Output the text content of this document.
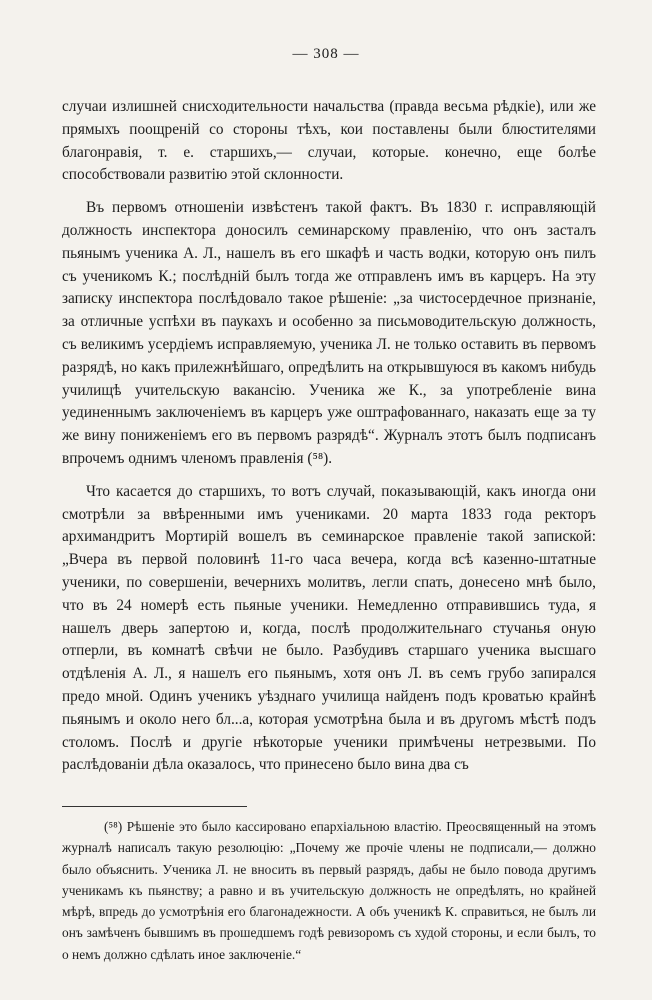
— 308 —

случаи излишней снисходительности начальства (правда весьма рѣдкіе), или же прямыхъ поощреній со стороны тѣхъ, кои поставлены были блюстителями благонравія, т. е. старшихъ,— случаи, которые. конечно, еще болѣе способствовали развитію этой склонности.

Въ первомъ отношеніи извѣстенъ такой фактъ. Въ 1830 г. исправляющій должность инспектора доносилъ семинарскому правленію, что онъ засталъ пьянымъ ученика А. Л., нашелъ въ его шкафѣ и часть водки, которую онъ пилъ съ ученикомъ К.; послѣдній былъ тогда же отправленъ имъ въ карцеръ. На эту записку инспектора послѣдовало такое рѣшеніе: „за чистосердечное признаніе, за отличные успѣхи въ паукахъ и особенно за письмоводительскую должность, съ великимъ усердіемъ исправляемую, ученика Л. не только оставить въ первомъ разрядѣ, но какъ прилежнѣйшаго, опредѣлить на открывшуюся въ какомъ нибудь училищѣ учительскую вакансію. Ученика же К., за употребленіе вина уединеннымъ заключеніемъ въ карцеръ уже оштрафованнаго, наказать еще за ту же вину пониженіемъ его въ первомъ разрядѣ“. Журналъ этотъ былъ подписанъ впрочемъ однимъ членомъ правленія (⁵⁸).

Что касается до старшихъ, то вотъ случай, показывающій, какъ иногда они смотрѣли за ввѣренными имъ учениками. 20 марта 1833 года ректоръ архимандритъ Мортирій вошелъ въ семинарское правленіе такой запиской: „Вчера въ первой половинѣ 11-го часа вечера, когда всѣ казенно-штатные ученики, по совершеніи, вечернихъ молитвъ, легли спать, донесено мнѣ было, что въ 24 номерѣ есть пьяные ученики. Немедленно отправившись туда, я нашелъ дверь запертою и, когда, послѣ продолжительнаго стучанья оную отперли, въ комнатѣ свѣчи не было. Разбудивъ старшаго ученика высшаго отдѣленія А. Л., я нашелъ его пьянымъ, хотя онъ Л. въ семъ грубо запирался предо мной. Одинъ ученикъ уѣзднаго училища найденъ подъ кроватью крайнѣ пьянымъ и около него бл...а, которая усмотрѣна была и въ другомъ мѣстѣ подъ столомъ. Послѣ и другіе нѣкоторые ученики примѣчены нетрезвыми. По раслѣдованіи дѣла оказалось, что принесено было вина два съ

(⁵⁸) Рѣшеніе это было кассировано епархіальною властію. Преосвященный на этомъ журналѣ написалъ такую резолюцію: „Почему же прочіе члены не подписали,— должно было объяснить. Ученика Л. не вносить въ первый разрядъ, дабы не было повода другимъ ученикамъ къ пьянству; а равно и въ учительскую должность не опредѣлять, но крайней мѣрѣ, впредь до усмотрѣнія его благонадежности. А объ ученикѣ К. справиться, не былъ ли онъ замѣченъ бывшимъ въ прошедшемъ годѣ ревизоромъ съ худой стороны, и если былъ, то о немъ должно сдѣлать иное заключеніе.“
